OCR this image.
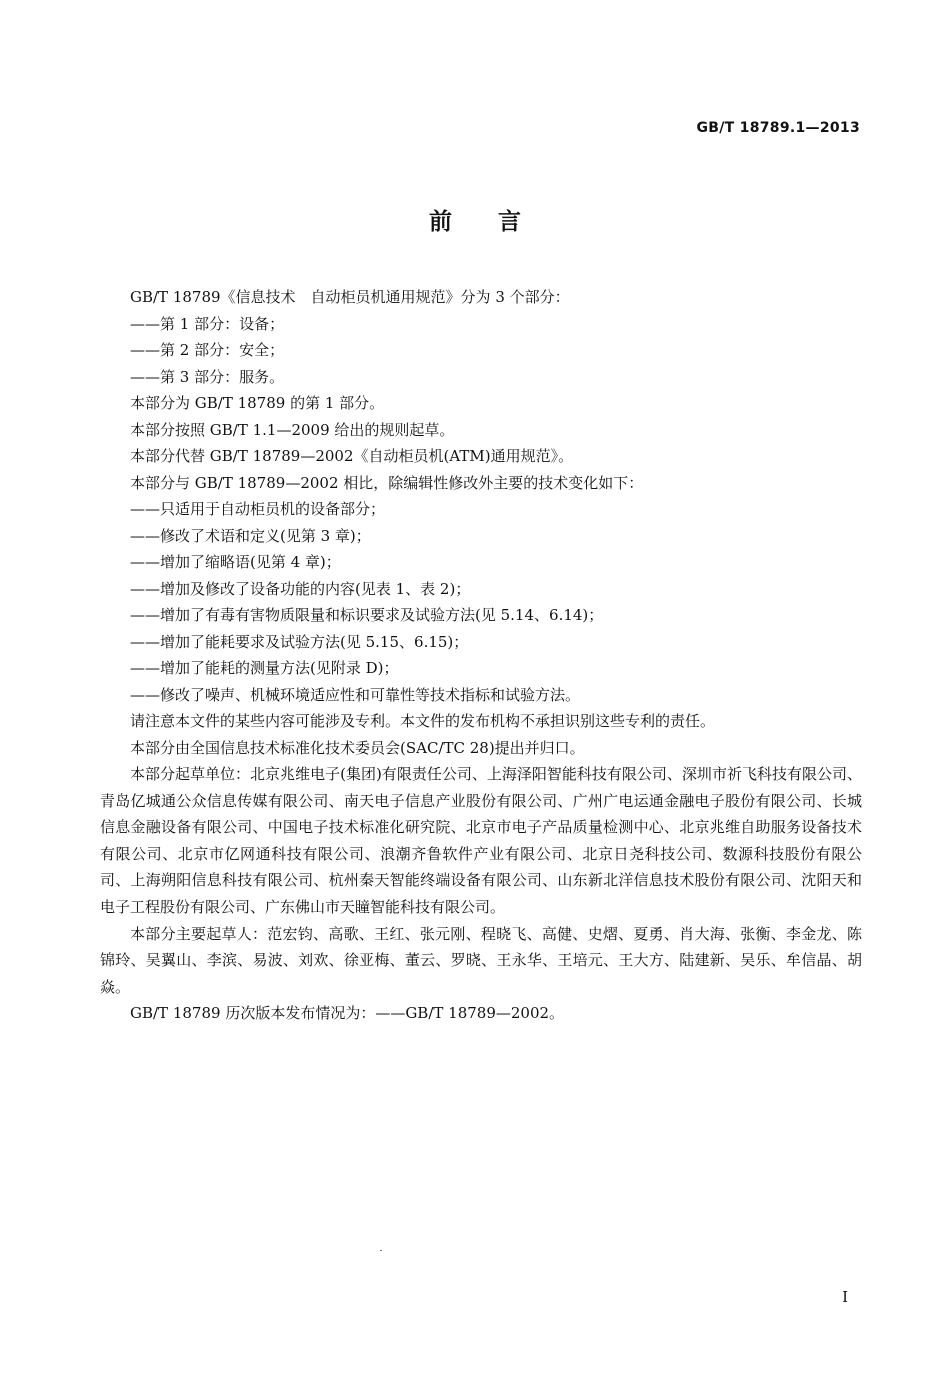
GB/T 18789.1—2013
前言

GB/T 18789《信息技术　自动柜员机通用规范》分为 3 个部分：

——第 1 部分：设备；

——第 2 部分：安全；

——第 3 部分：服务。

本部分为 GB/T 18789 的第 1 部分。

本部分按照 GB/T 1.1—2009 给出的规则起草。

本部分代替 GB/T 18789—2002《自动柜员机(ATM)通用规范》。

本部分与 GB/T 18789—2002 相比，除编辑性修改外主要的技术变化如下：

——只适用于自动柜员机的设备部分；

——修改了术语和定义(见第 3 章)；

——增加了缩略语(见第 4 章)；

——增加及修改了设备功能的内容(见表 1、表 2)；

——增加了有毒有害物质限量和标识要求及试验方法(见 5.14、6.14)；

——增加了能耗要求及试验方法(见 5.15、6.15)；

——增加了能耗的测量方法(见附录 D)；

——修改了噪声、机械环境适应性和可靠性等技术指标和试验方法。

请注意本文件的某些内容可能涉及专利。本文件的发布机构不承担识别这些专利的责任。

本部分由全国信息技术标准化技术委员会(SAC/TC 28)提出并归口。

本部分起草单位：北京兆维电子(集团)有限责任公司、上海泽阳智能科技有限公司、深圳市祈飞科技有限公司、青岛亿城通公众信息传媒有限公司、南天电子信息产业股份有限公司、广州广电运通金融电子股份有限公司、长城信息金融设备有限公司、中国电子技术标准化研究院、北京市电子产品质量检测中心、北京兆维自助服务设备技术有限公司、北京市亿网通科技有限公司、浪潮齐鲁软件产业有限公司、北京日尧科技公司、数源科技股份有限公司、上海朔阳信息科技有限公司、杭州秦天智能终端设备有限公司、山东新北洋信息技术股份有限公司、沈阳天和电子工程股份有限公司、广东佛山市天瞳智能科技有限公司。

本部分主要起草人：范宏钧、高歌、王红、张元刚、程晓飞、高健、史熠、夏勇、肖大海、张衡、李金龙、陈锦玲、吴翼山、李滨、易波、刘欢、徐亚梅、董云、罗晓、王永华、王培元、王大方、陆建新、吴乐、牟信晶、胡焱。

GB/T 18789 历次版本发布情况为：——GB/T 18789—2002。

I
